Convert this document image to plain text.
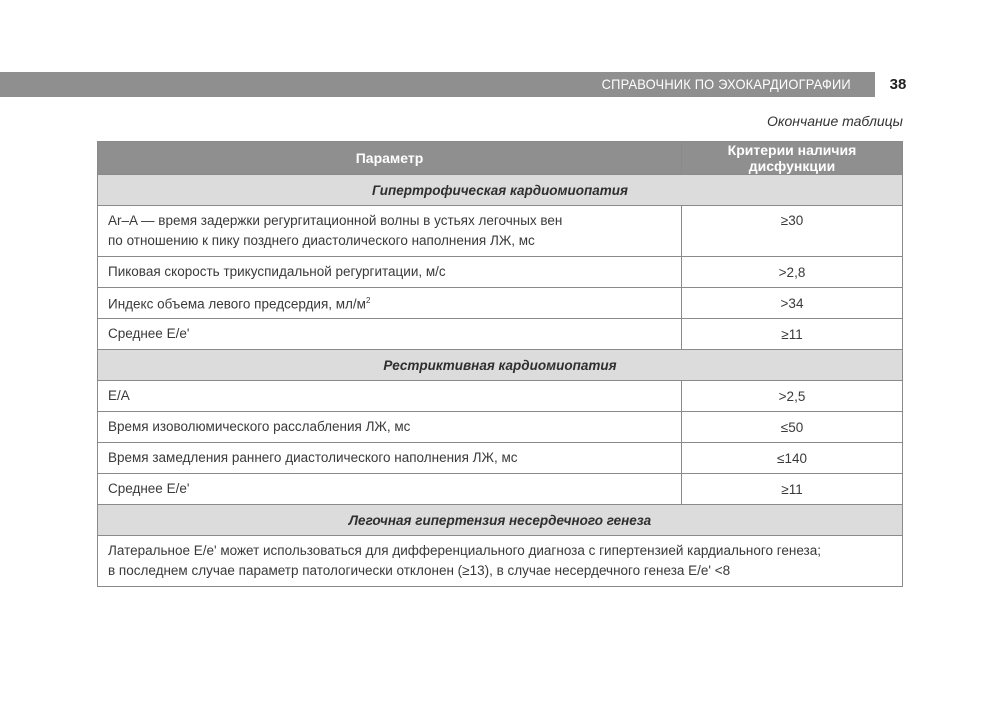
СПРАВОЧНИК ПО ЭХОКАРДИОГРАФИИ	38
Окончание таблицы
Параметр	Критерии наличия дисфункции
Гипертрофическая кардиомиопатия	

Ar–A — время задержки регургитационной волны в устьях легочных вен
по отношению к пику позднего диастолического наполнения ЛЖ, мс	≥30
Пиковая скорость трикуспидальной регургитации, м/с	>2,8
Индекс объема левого предсердия, $мл/м^2$	>34
Среднее E/e'	≥11
Рестриктивная кардиомиопатия	
E/A	>2,5
Время изоволюмического расслабления ЛЖ, мс	≤50
Время замедления раннего диастолического наполнения ЛЖ, мс	≤140
Среднее E/e'	≥11
Легочная гипертензия несердечного генеза	

Латеральное E/e' может использоваться для дифференциального диагноза с гипертензией кардиального генеза;
в последнем случае параметр патологически отклонен (≥13), в случае несердечного генеза E/e' <8	
